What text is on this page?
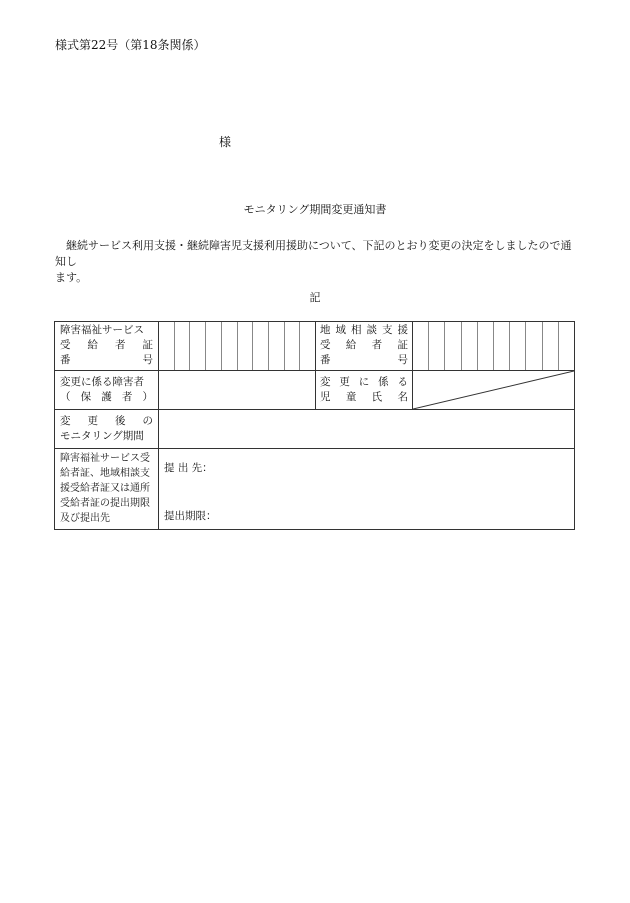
様式第22号（第18条関係）
様
モニタリング期間変更通知書
継続サービス利用支援・継続障害児支援利用援助について、下記のとおり変更の決定をしましたので通知し
ます。
記
障害福祉サービス
受 給 者 証
番	号
地 域 相 談 支 援
受 給 者 証
番	号
変更に係る障害者
（ 保 護 者 ）
変 更 に 係 る
児 童 氏 名
変 更 後 の
モニタリング期間
障害福祉サービス受
給者証、地域相談支
援受給者証又は通所
受給者証の提出期限
及び提出先
提 出 先：
提出期限：
